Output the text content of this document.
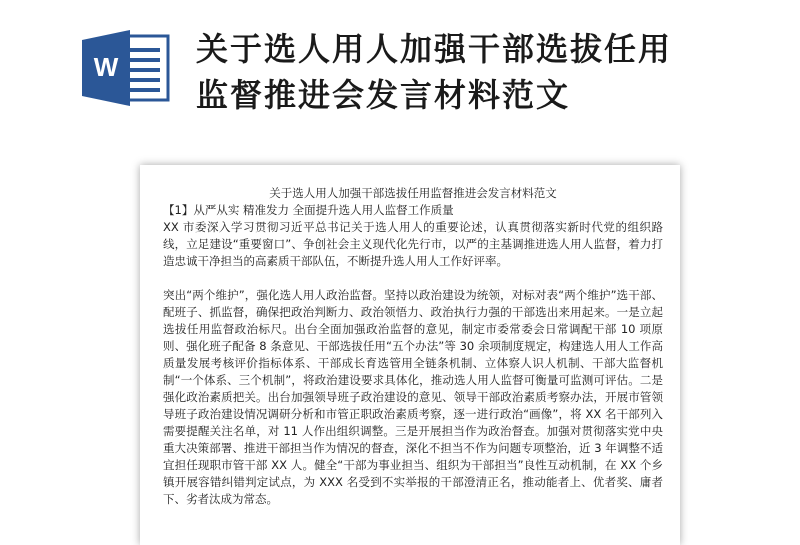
W 关于选人用人加强干部选拔任用
监督推进会发言材料范文

关于选人用人加强干部选拔任用监督推进会发言材料范文

【1】从严从实 精准发力 全面提升选人用人监督工作质量

XX 市委深入学习贯彻习近平总书记关于选人用人的重要论述，认真贯彻落实新时代党的组织路线，立足建设“重要窗口”、争创社会主义现代化先行市，以严的主基调推进选人用人监督，着力打造忠诚干净担当的高素质干部队伍，不断提升选人用人工作好评率。

突出“两个维护”，强化选人用人政治监督。坚持以政治建设为统领，对标对表“两个维护”选干部、配班子、抓监督，确保把政治判断力、政治领悟力、政治执行力强的干部选出来用起来。一是立起选拔任用监督政治标尺。出台全面加强政治监督的意见，制定市委常委会日常调配干部 10 项原则、强化班子配备 8 条意见、干部选拔任用“五个办法”等 30 余项制度规定，构建选人用人工作高质量发展考核评价指标体系、干部成长育选管用全链条机制、立体察人识人机制、干部大监督机制“一个体系、三个机制”，将政治建设要求具体化，推动选人用人监督可衡量可监测可评估。二是强化政治素质把关。出台加强领导班子政治建设的意见、领导干部政治素质考察办法，开展市管领导班子政治建设情况调研分析和市管正职政治素质考察，逐一进行政治“画像”，将 XX 名干部列入需要提醒关注名单，对 11 人作出组织调整。三是开展担当作为政治督查。加强对贯彻落实党中央重大决策部署、推进干部担当作为情况的督查，深化不担当不作为问题专项整治，近 3 年调整不适宜担任现职市管干部 XX 人。健全“干部为事业担当、组织为干部担当”良性互动机制，在 XX 个乡镇开展容错纠错判定试点，为 XXX 名受到不实举报的干部澄清正名，推动能者上、优者奖、庸者下、劣者汰成为常态。
